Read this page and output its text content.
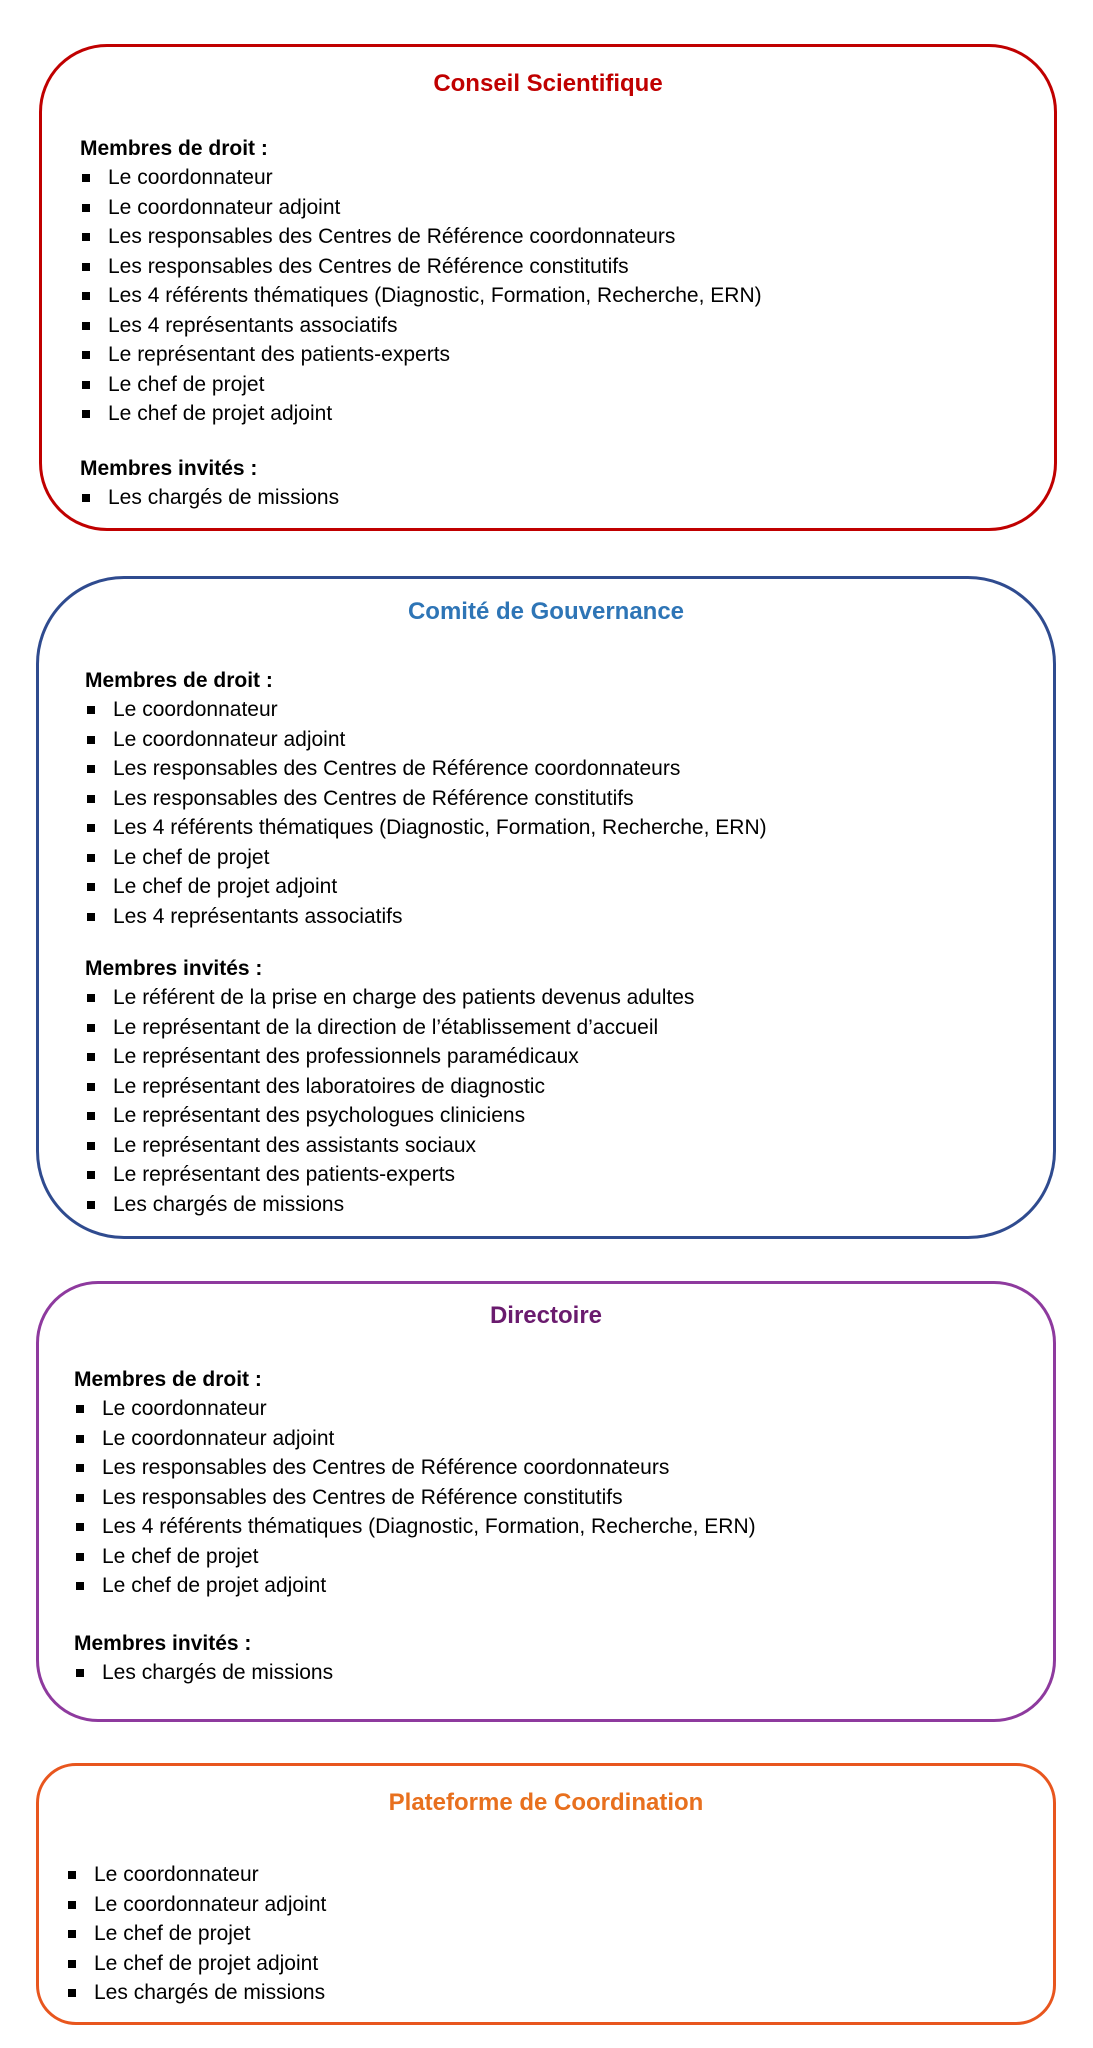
Conseil Scientifique

Membres de droit :

Le coordonnateur
Le coordonnateur adjoint
Les responsables des Centres de Référence coordonnateurs
Les responsables des Centres de Référence constitutifs
Les 4 référents thématiques (Diagnostic, Formation, Recherche, ERN)
Les 4 représentants associatifs
Le représentant des patients-experts
Le chef de projet
Le chef de projet adjoint

Membres invités :

Les chargés de missions
Comité de Gouvernance

Membres de droit :

Le coordonnateur
Le coordonnateur adjoint
Les responsables des Centres de Référence coordonnateurs
Les responsables des Centres de Référence constitutifs
Les 4 référents thématiques (Diagnostic, Formation, Recherche, ERN)
Le chef de projet
Le chef de projet adjoint
Les 4 représentants associatifs

Membres invités :

Le référent de la prise en charge des patients devenus adultes
Le représentant de la direction de l’établissement d’accueil
Le représentant des professionnels paramédicaux
Le représentant des laboratoires de diagnostic
Le représentant des psychologues cliniciens
Le représentant des assistants sociaux
Le représentant des patients-experts
Les chargés de missions
Directoire

Membres de droit :

Le coordonnateur
Le coordonnateur adjoint
Les responsables des Centres de Référence coordonnateurs
Les responsables des Centres de Référence constitutifs
Les 4 référents thématiques (Diagnostic, Formation, Recherche, ERN)
Le chef de projet
Le chef de projet adjoint

Membres invités :

Les chargés de missions
Plateforme de Coordination
Le coordonnateur
Le coordonnateur adjoint
Le chef de projet
Le chef de projet adjoint
Les chargés de missions
